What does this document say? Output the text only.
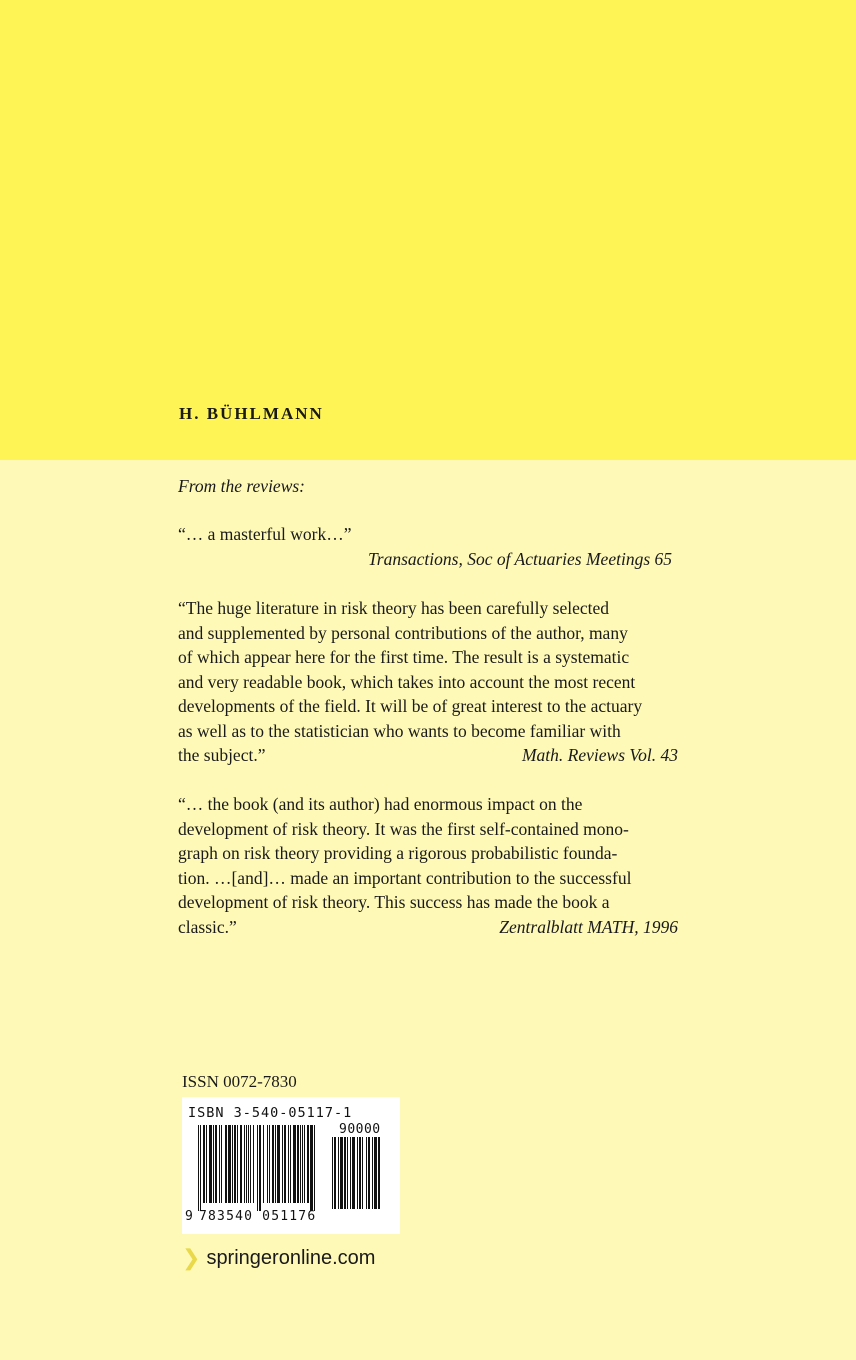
H. BÜHLMANN
From the reviews:
“… a masterful work…”
Transactions, Soc of Actuaries Meetings 65
“The huge literature in risk theory has been carefully selected
and supplemented by personal contributions of the author, many
of which appear here for the first time. The result is a systematic
and very readable book, which takes into account the most recent
developments of the field. It will be of great interest to the actuary
as well as to the statistician who wants to become familiar with
the subject.”	Math. Reviews Vol. 43
“… the book (and its author) had enormous impact on the
development of risk theory. It was the first self-contained mono-
graph on risk theory providing a rigorous probabilistic founda-
tion. …[and]… made an important contribution to the successful
development of risk theory. This success has made the book a
classic.”	Zentralblatt MATH, 1996
ISSN 0072-7830
ISBN 3-540-05117-1
90000
9 783540 051176
❯ springeronline.com
